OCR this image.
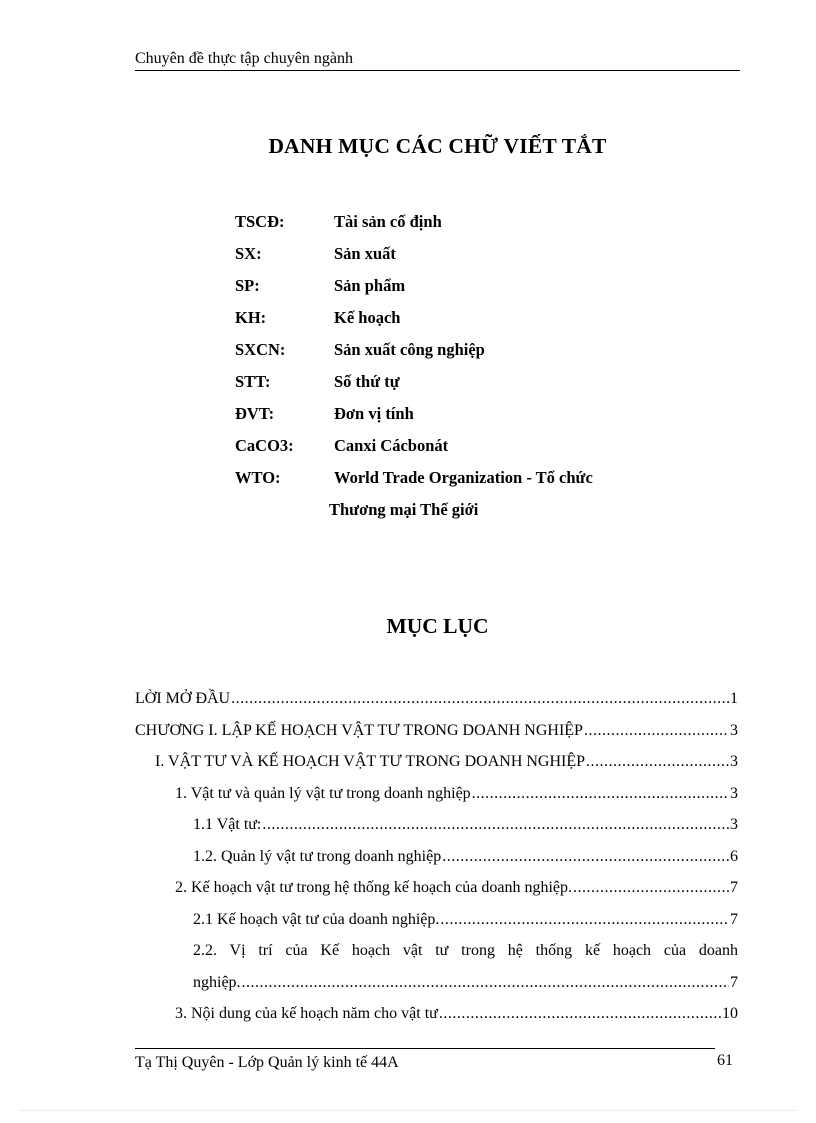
Chuyên đề thực tập chuyên ngành
DANH MỤC CÁC CHỮ VIẾT TẮT
TSCĐ:	Tài sản cố định
SX:	Sản xuất
SP:	Sản phẩm
KH:	Kế hoạch
SXCN:	Sản xuất công nghiệp
STT:	Số thứ tự
ĐVT:	Đơn vị tính
CaCO3: Canxi Cácbonát
WTO:	World Trade Organization - Tổ chức
Thương mại Thế giới
MỤC LỤC
LỜI MỞ ĐẦU .....	1
CHƯƠNG I. LẬP KẾ HOẠCH VẬT TƯ TRONG DOANH NGHIỆP .....	3
I. VẬT TƯ VÀ KẾ HOẠCH VẬT TƯ TRONG DOANH NGHIỆP .....	3
1. Vật tư và quản lý vật tư trong doanh nghiệp .....	3
1.1 Vật tư: .....	3
1.2. Quản lý vật tư trong doanh nghiệp .....	6
2. Kế hoạch vật tư trong hệ thống kế hoạch của doanh nghiệp. .....	7
2.1 Kế hoạch vật tư của doanh nghiệp. .....	7
2.2. Vị trí của Kế hoạch vật tư trong hệ thống kế hoạch của doanh
nghiệp. .....	7
3. Nội dung của kế hoạch năm cho vật tư .....	10
Tạ Thị Quyên - Lớp Quản lý kinh tế 44A	61
